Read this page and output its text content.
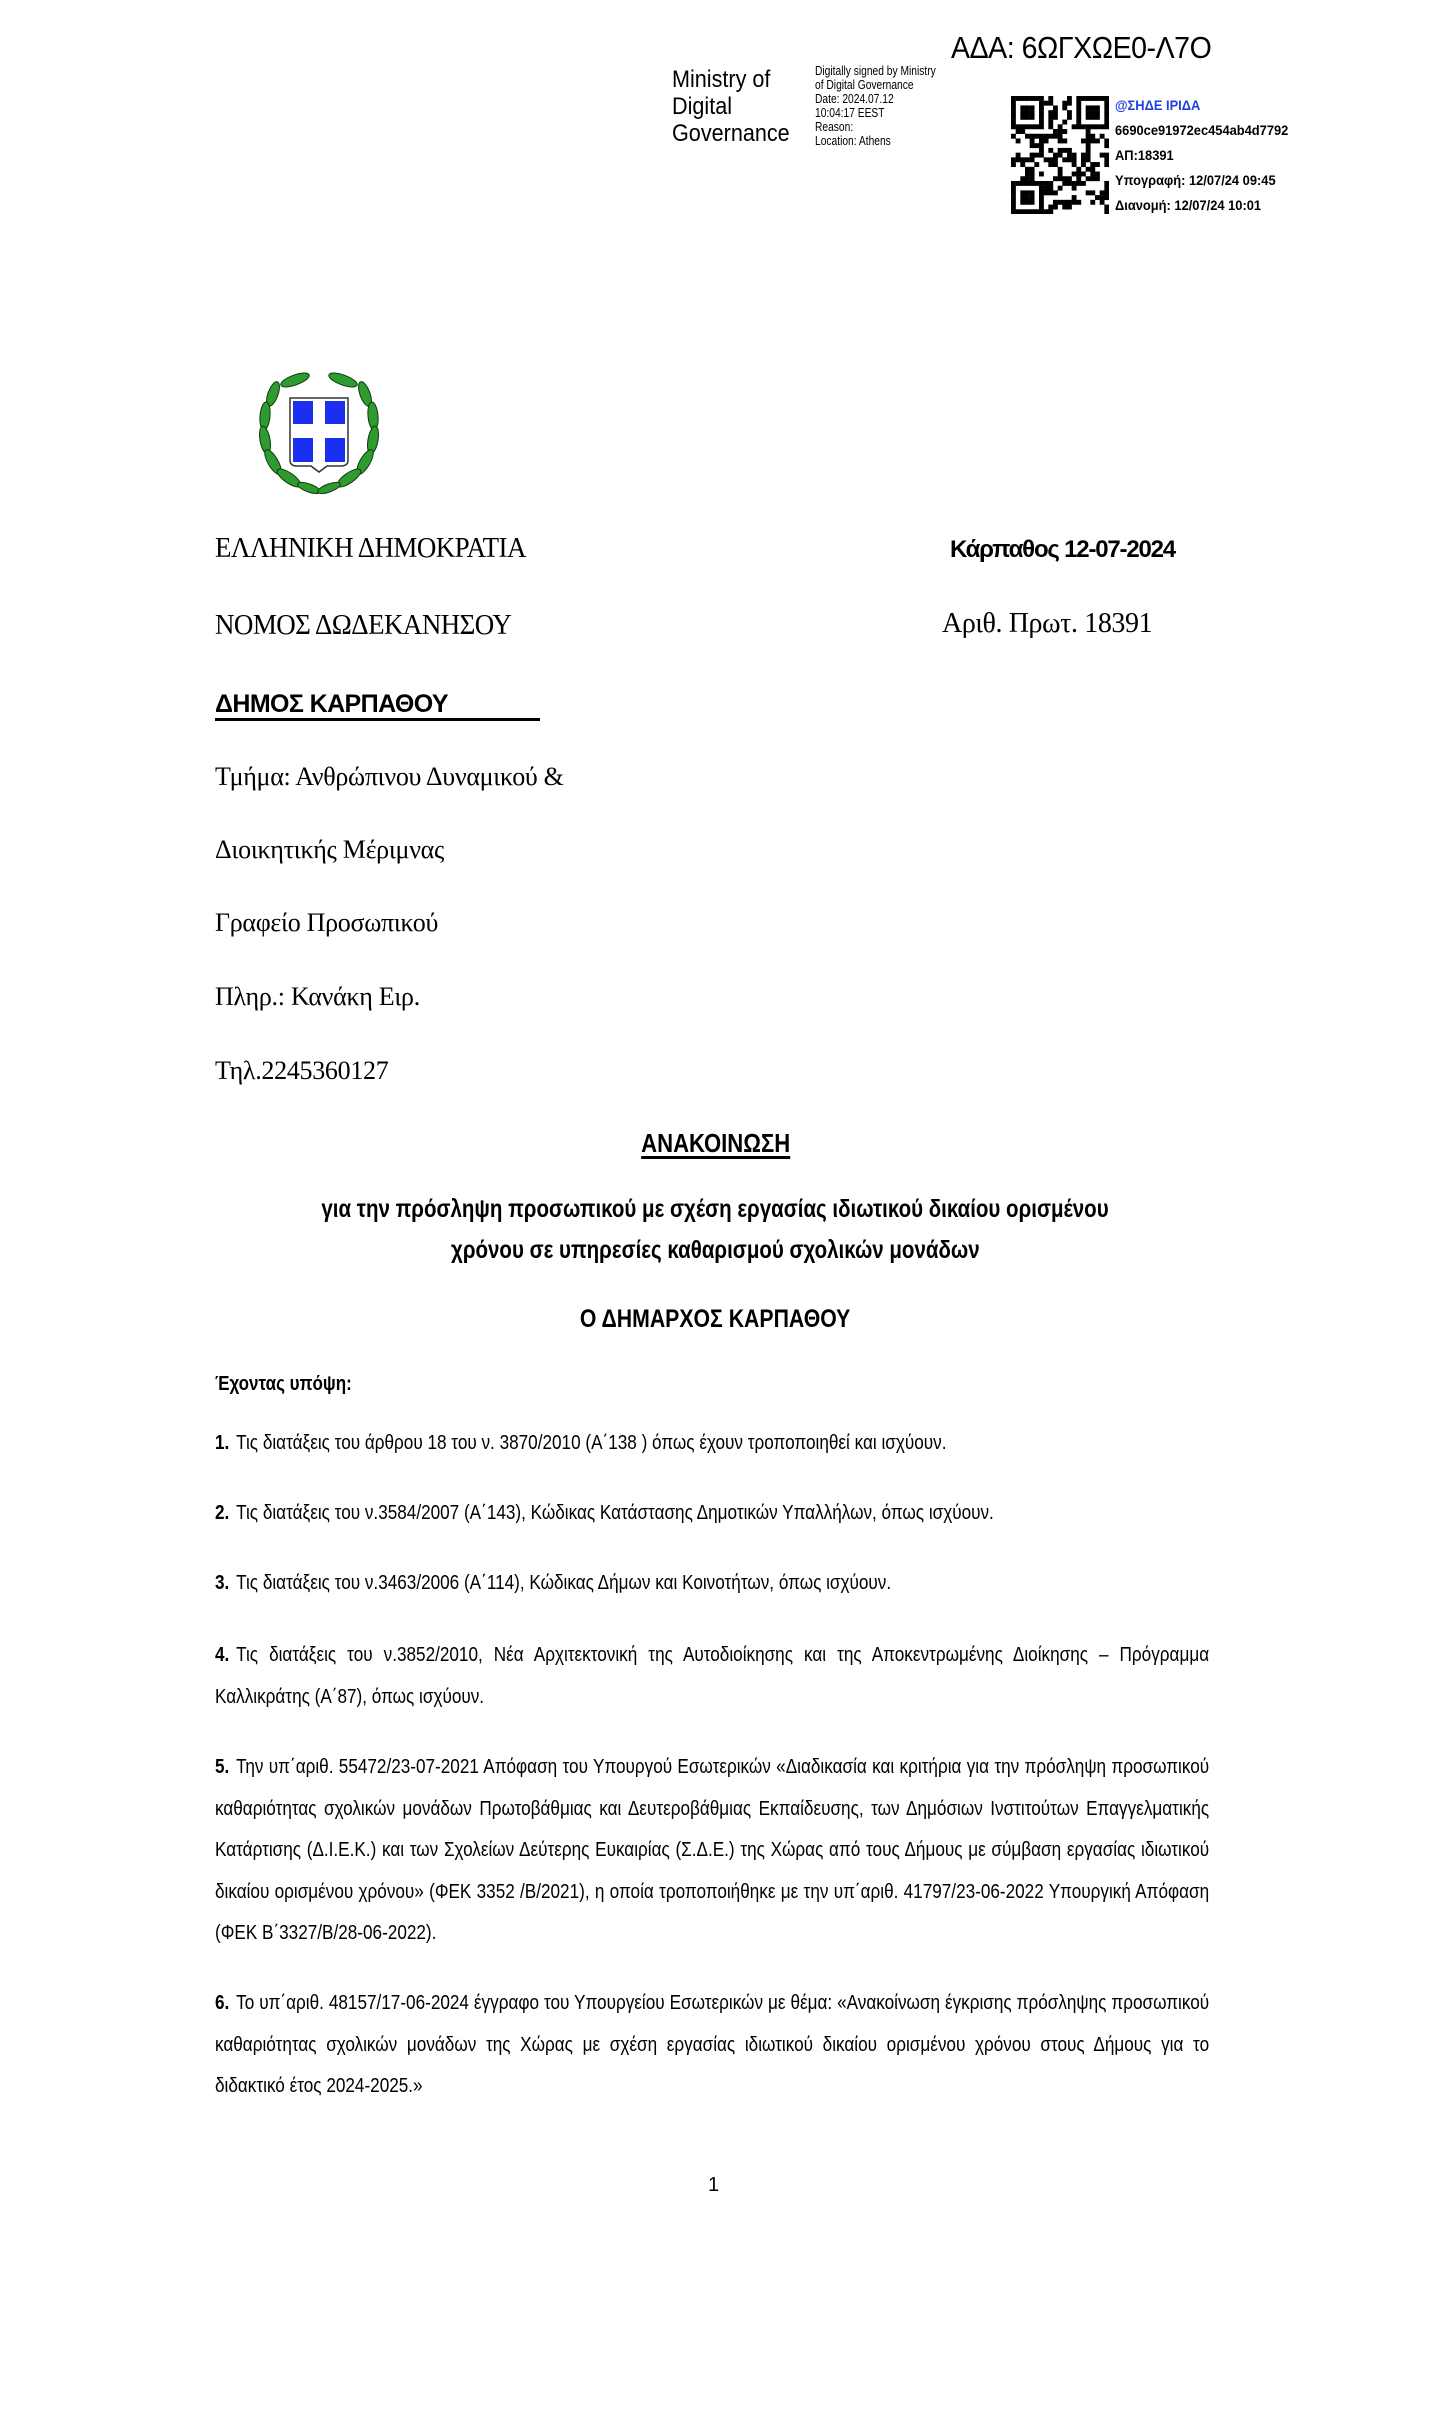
ΑΔΑ: 6ΩΓΧΩΕ0-Λ7Ο
Ministry of
Digital
Governance
Digitally signed by Ministry
of Digital Governance
Date: 2024.07.12
10:04:17 EEST
Reason:
Location: Athens
@ΣΗΔΕ ΙΡΙΔΑ
6690ce91972ec454ab4d7792
ΑΠ:18391
Υπογραφή: 12/07/24 09:45
Διανομή: 12/07/24 10:01
ΕΛΛΗΝΙΚΗ ΔΗΜΟΚΡΑΤΙΑ
ΝΟΜΟΣ ΔΩΔΕΚΑΝΗΣΟΥ
ΔΗΜΟΣ ΚΑΡΠΑΘΟΥ
Κάρπαθος 12-07-2024
Αριθ. Πρωτ. 18391
Τμήμα: Ανθρώπινου Δυναμικού &
Διοικητικής Μέριμνας
Γραφείο Προσωπικού
Πληρ.: Κανάκη Ειρ.
Τηλ.2245360127
ΑΝΑΚΟΙΝΩΣΗ
για την πρόσληψη προσωπικού με σχέση εργασίας ιδιωτικού δικαίου ορισμένου
χρόνου σε υπηρεσίες καθαρισμού σχολικών μονάδων
Ο ΔΗΜΑΡΧΟΣ ΚΑΡΠΑΘΟΥ
Έχοντας υπόψη:
1. Τις διατάξεις του άρθρου 18 του ν. 3870/2010 (Α΄138 ) όπως έχουν τροποποιηθεί και ισχύουν.
2. Τις διατάξεις του ν.3584/2007 (Α΄143), Κώδικας Κατάστασης Δημοτικών Υπαλλήλων, όπως ισχύουν.
3. Τις διατάξεις του ν.3463/2006 (Α΄114), Κώδικας Δήμων και Κοινοτήτων, όπως ισχύουν.
4. Τις διατάξεις του ν.3852/2010, Νέα Αρχιτεκτονική της Αυτοδιοίκησης και της Αποκεντρωμένης Διοίκησης – Πρόγραμμα Καλλικράτης (Α΄87), όπως ισχύουν.
5. Την υπ΄αριθ. 55472/23-07-2021 Απόφαση του Υπουργού Εσωτερικών «Διαδικασία και κριτήρια για την πρόσληψη προσωπικού καθαριότητας σχολικών μονάδων Πρωτοβάθμιας και Δευτεροβάθμιας Εκπαίδευσης, των Δημόσιων Ινστιτούτων Επαγγελματικής Κατάρτισης (Δ.Ι.Ε.Κ.) και των Σχολείων Δεύτερης Ευκαιρίας (Σ.Δ.Ε.) της Χώρας από τους Δήμους με σύμβαση εργασίας ιδιωτικού δικαίου ορισμένου χρόνου» (ΦΕΚ 3352 /Β/2021), η οποία τροποποιήθηκε με την υπ΄αριθ. 41797/23-06-2022 Υπουργική Απόφαση (ΦΕΚ Β΄3327/Β/28-06-2022).
6. Το υπ΄αριθ. 48157/17-06-2024 έγγραφο του Υπουργείου Εσωτερικών με θέμα: «Ανακοίνωση έγκρισης πρόσληψης προσωπικού καθαριότητας σχολικών μονάδων της Χώρας με σχέση εργασίας ιδιωτικού δικαίου ορισμένου χρόνου στους Δήμους για το διδακτικό έτος 2024-2025.»
1
